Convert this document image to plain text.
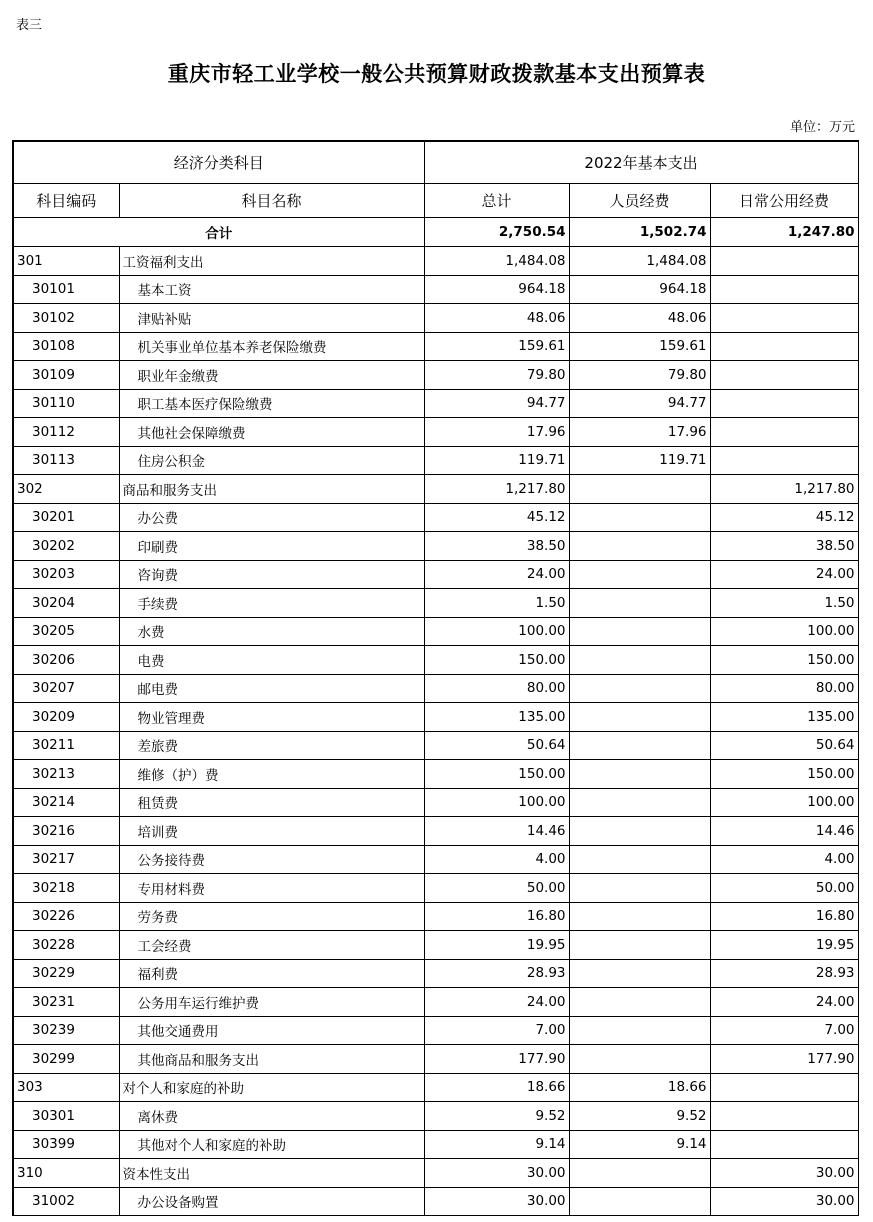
表三
重庆市轻工业学校一般公共预算财政拨款基本支出预算表
单位：万元
经济分类科目		2022年基本支出		
科目编码	科目名称	总计	人员经费	日常公用经费
合计		2,750.54	1,502.74	1,247.80
301	工资福利支出	1,484.08	1,484.08	
30101	基本工资	964.18	964.18	
30102	津贴补贴	48.06	48.06	
30108	机关事业单位基本养老保险缴费	159.61	159.61	
30109	职业年金缴费	79.80	79.80	
30110	职工基本医疗保险缴费	94.77	94.77	
30112	其他社会保障缴费	17.96	17.96	
30113	住房公积金	119.71	119.71	
302	商品和服务支出	1,217.80		1,217.80
30201	办公费	45.12		45.12
30202	印刷费	38.50		38.50
30203	咨询费	24.00		24.00
30204	手续费	1.50		1.50
30205	水费	100.00		100.00
30206	电费	150.00		150.00
30207	邮电费	80.00		80.00
30209	物业管理费	135.00		135.00
30211	差旅费	50.64		50.64
30213	维修（护）费	150.00		150.00
30214	租赁费	100.00		100.00
30216	培训费	14.46		14.46
30217	公务接待费	4.00		4.00
30218	专用材料费	50.00		50.00
30226	劳务费	16.80		16.80
30228	工会经费	19.95		19.95
30229	福利费	28.93		28.93
30231	公务用车运行维护费	24.00		24.00
30239	其他交通费用	7.00		7.00
30299	其他商品和服务支出	177.90		177.90
303	对个人和家庭的补助	18.66	18.66	
30301	离休费	9.52	9.52	
30399	其他对个人和家庭的补助	9.14	9.14	
310	资本性支出	30.00		30.00
31002	办公设备购置	30.00		30.00
